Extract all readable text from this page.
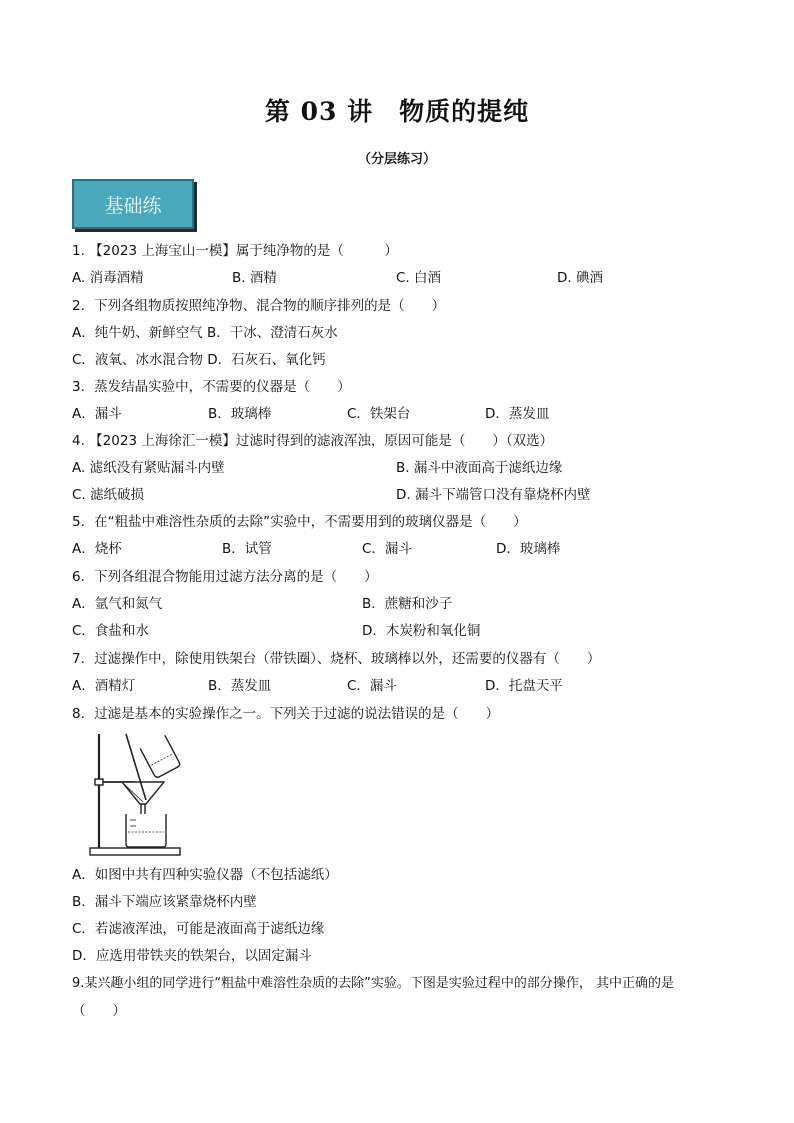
第 03 讲　物质的提纯
（分层练习）
基础练
1. 【2023 上海宝山一模】属于纯净物的是（　　　）
A. 消毒酒精	B. 酒精	C. 白酒	D. 碘酒
2．下列各组物质按照纯净物、混合物的顺序排列的是（　　）
A．纯牛奶、新鲜空气 B．干冰、澄清石灰水
C．液氧、冰水混合物 D．石灰石、氧化钙
3．蒸发结晶实验中，不需要的仪器是（　　）
A．漏斗	B．玻璃棒	C．铁架台	D．蒸发皿
4. 【2023 上海徐汇一模】过滤时得到的滤液浑浊，原因可能是（　　）（双选）
A. 滤纸没有紧贴漏斗内壁	B. 漏斗中液面高于滤纸边缘
C. 滤纸破损	D. 漏斗下端管口没有靠烧杯内壁
5．在“粗盐中难溶性杂质的去除”实验中，不需要用到的玻璃仪器是（　　）
A．烧杯	B．试管	C．漏斗	D．玻璃棒
6．下列各组混合物能用过滤方法分离的是（　　）
A．氩气和氮气	B．蔗糖和沙子
C．食盐和水	D．木炭粉和氧化铜
7．过滤操作中，除使用铁架台（带铁圈）、烧杯、玻璃棒以外，还需要的仪器有（　　）
A．酒精灯	B．蒸发皿	C．漏斗	D．托盘天平
8．过滤是基本的实验操作之一。下列关于过滤的说法错误的是（　　）
A．如图中共有四种实验仪器（不包括滤纸）
B．漏斗下端应该紧靠烧杯内壁
C．若滤液浑浊，可能是液面高于滤纸边缘
D．应选用带铁夹的铁架台，以固定漏斗
9.某兴趣小组的同学进行“粗盐中难溶性杂质的去除”实验。下图是实验过程中的部分操作， 其中正确的是
（　　）
